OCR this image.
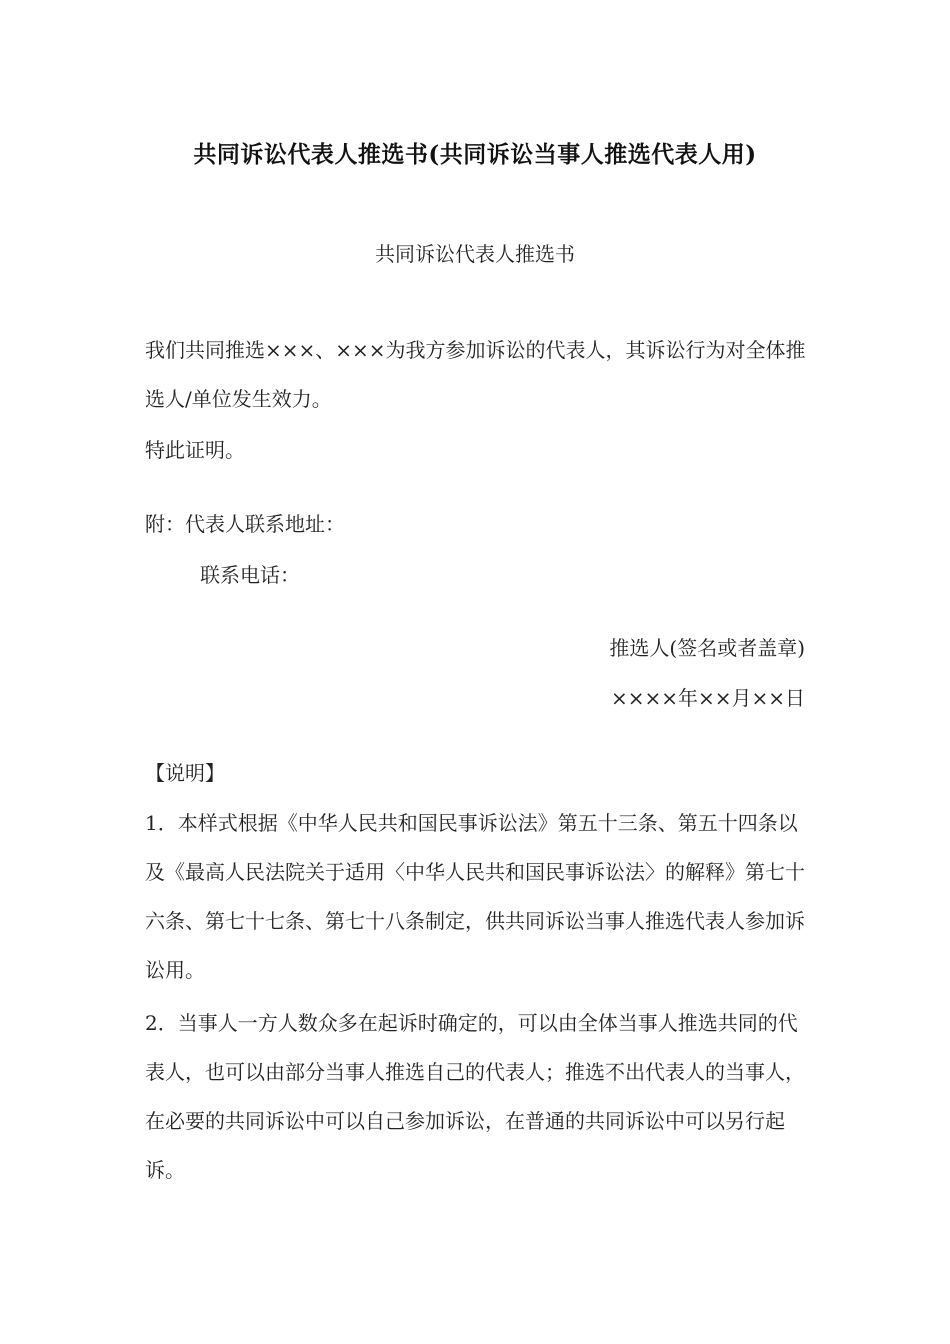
共同诉讼代表人推选书(共同诉讼当事人推选代表人用)
共同诉讼代表人推选书
我们共同推选×××、×××为我方参加诉讼的代表人，其诉讼行为对全体推选人/单位发生效力。
特此证明。
附：代表人联系地址：
联系电话：
推选人(签名或者盖章)
××××年××月××日
【说明】
1．本样式根据《中华人民共和国民事诉讼法》第五十三条、第五十四条以及《最高人民法院关于适用〈中华人民共和国民事诉讼法〉的解释》第七十六条、第七十七条、第七十八条制定，供共同诉讼当事人推选代表人参加诉讼用。
2．当事人一方人数众多在起诉时确定的，可以由全体当事人推选共同的代表人，也可以由部分当事人推选自己的代表人；推选不出代表人的当事人，在必要的共同诉讼中可以自己参加诉讼，在普通的共同诉讼中可以另行起诉。
